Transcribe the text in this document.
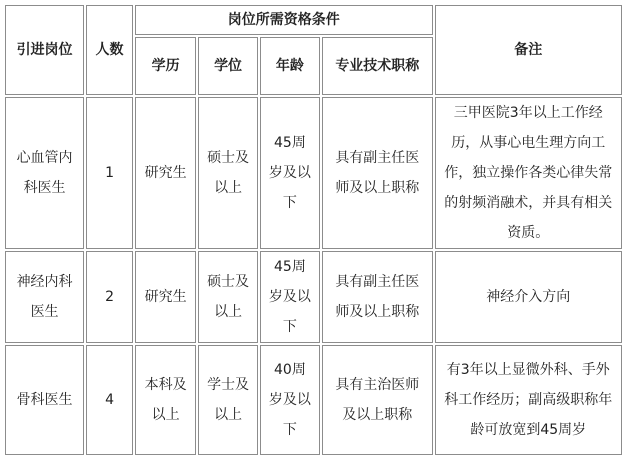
引进岗位	人数	岗位所需资格条件				备注
		学历	学位	年龄	专业技术职称	
心血管内科医生	1	研究生	硕士及以上	45周岁及以下	具有副主任医师及以上职称	三甲医院3年以上工作经历，从事心电生理方向工作，独立操作各类心律失常的射频消融术，并具有相关资质。
神经内科医生	2	研究生	硕士及以上	45周岁及以下	具有副主任医师及以上职称	神经介入方向
骨科医生	4	本科及以上	学士及以上	40周岁及以下	具有主治医师及以上职称	有3年以上显微外科、手外科工作经历；副高级职称年龄可放宽到45周岁
